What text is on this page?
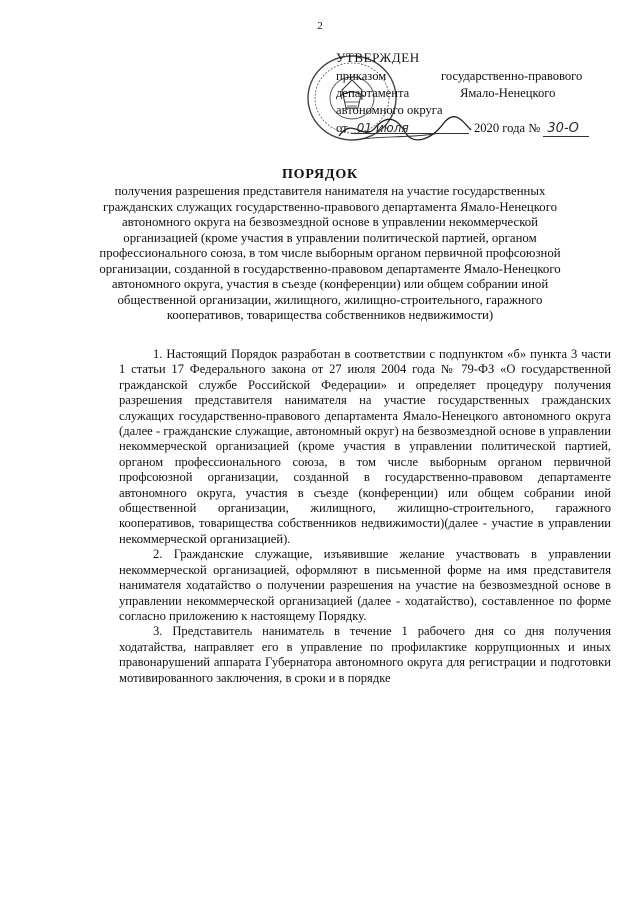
2
УТВЕРЖДЕН
приказом	государственно-правового
департамента	Ямало-Ненецкого
автономного округа
от 01 июля	2020 года № 30-О
ПОРЯДОК
получения разрешения представителя нанимателя на участие государственных гражданских служащих государственно-правового департамента Ямало-Ненецкого автономного округа на безвозмездной основе в управлении некоммерческой организацией (кроме участия в управлении политической партией, органом профессионального союза, в том числе выборным органом первичной профсоюзной организации, созданной в государственно-правовом департаменте Ямало-Ненецкого автономного округа, участия в съезде (конференции) или общем собрании иной общественной организации, жилищного, жилищно-строительного, гаражного кооперативов, товарищества собственников недвижимости)

1. Настоящий Порядок разработан в соответствии с подпунктом «б» пункта 3 части 1 статьи 17 Федерального закона от 27 июля 2004 года № 79-ФЗ «О государственной гражданской службе Российской Федерации» и определяет процедуру получения разрешения представителя нанимателя на участие государственных гражданских служащих государственно-правового департамента Ямало-Ненецкого автономного округа (далее - гражданские служащие, автономный округ) на безвозмездной основе в управлении некоммерческой организацией (кроме участия в управлении политической партией, органом профессионального союза, в том числе выборным органом первичной профсоюзной организации, созданной в государственно-правовом департаменте автономного округа, участия в съезде (конференции) или общем собрании иной общественной организации, жилищного, жилищно-строительного, гаражного кооперативов, товарищества собственников недвижимости)(далее - участие в управлении некоммерческой организацией).

2. Гражданские служащие, изъявившие желание участвовать в управлении некоммерческой организацией, оформляют в письменной форме на имя представителя нанимателя ходатайство о получении разрешения на участие на безвозмездной основе в управлении некоммерческой организацией (далее - ходатайство), составленное по форме согласно приложению к настоящему Порядку.

3. Представитель наниматель в течение 1 рабочего дня со дня получения ходатайства, направляет его в управление по профилактике коррупционных и иных правонарушений аппарата Губернатора автономного округа для регистрации и подготовки мотивированного заключения, в сроки и в порядке
